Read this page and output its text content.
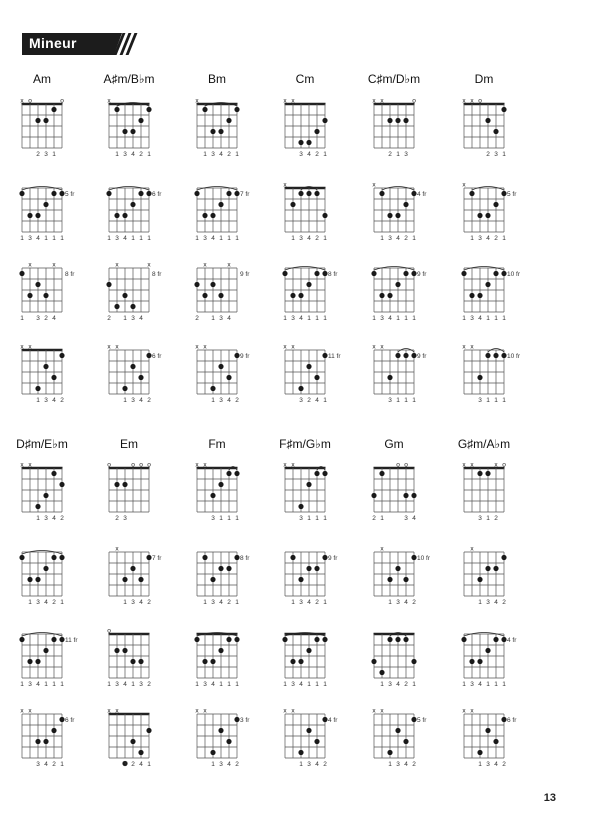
Mineur
Am
x o	o
2 3 1
5 fr
1 3 4 1 1 1
x	x
8 fr
1 3 2 4
x x
1 3 4 2
A♯m/B♭m
x
1 3 4 2 1
6 fr
1 3 4 1 1 1
x	x
8 fr
2 1 3 4
x x
6 fr
1 3 4 2
Bm
x
1 3 4 2 1
7 fr
1 3 4 1 1 1
x	x
9 fr
2 1 3 4
x x
9 fr
1 3 4 2
Cm
x x
3 4 2 1
x
1 3 4 2 1
8 fr
1 3 4 1 1 1
x x
11 fr
3 2 4 1
C♯m/D♭m
x x	o
2 1 3
x
4 fr
1 3 4 2 1
9 fr
1 3 4 1 1 1
x x
9 fr
3 1 1 1
Dm
x x o
2 3 1
x
5 fr
1 3 4 2 1
10 fr
1 3 4 1 1 1
x x
10 fr
3 1 1 1
D♯m/E♭m
x x
1 3 4 2
1 3 4 2 1
11 fr
1 3 4 1 1 1
x x
6 fr
3 4 2 1
Em
o	o o o
2 3
x
7 fr
1 3 4 2
o
1 3 4 1 3 2
x x
3 2 4 1
Fm
x x
3 1 1 1
8 fr
1 3 4 2 1
1 3 4 1 1 1
x x
3 fr
1 3 4 2
F♯m/G♭m
x x
3 1 1 1
9 fr
1 3 4 2 1
1 3 4 1 1 1
x x
4 fr
1 3 4 2
Gm
o o
2 1	3 4
x
10 fr
1 3 4 2
1 3 4 2 1
x x
5 fr
1 3 4 2
G♯m/A♭m
x x	x o
3 1 2
x
1 3 4 2
4 fr
1 3 4 1 1 1
x x
6 fr
1 3 4 2
13
